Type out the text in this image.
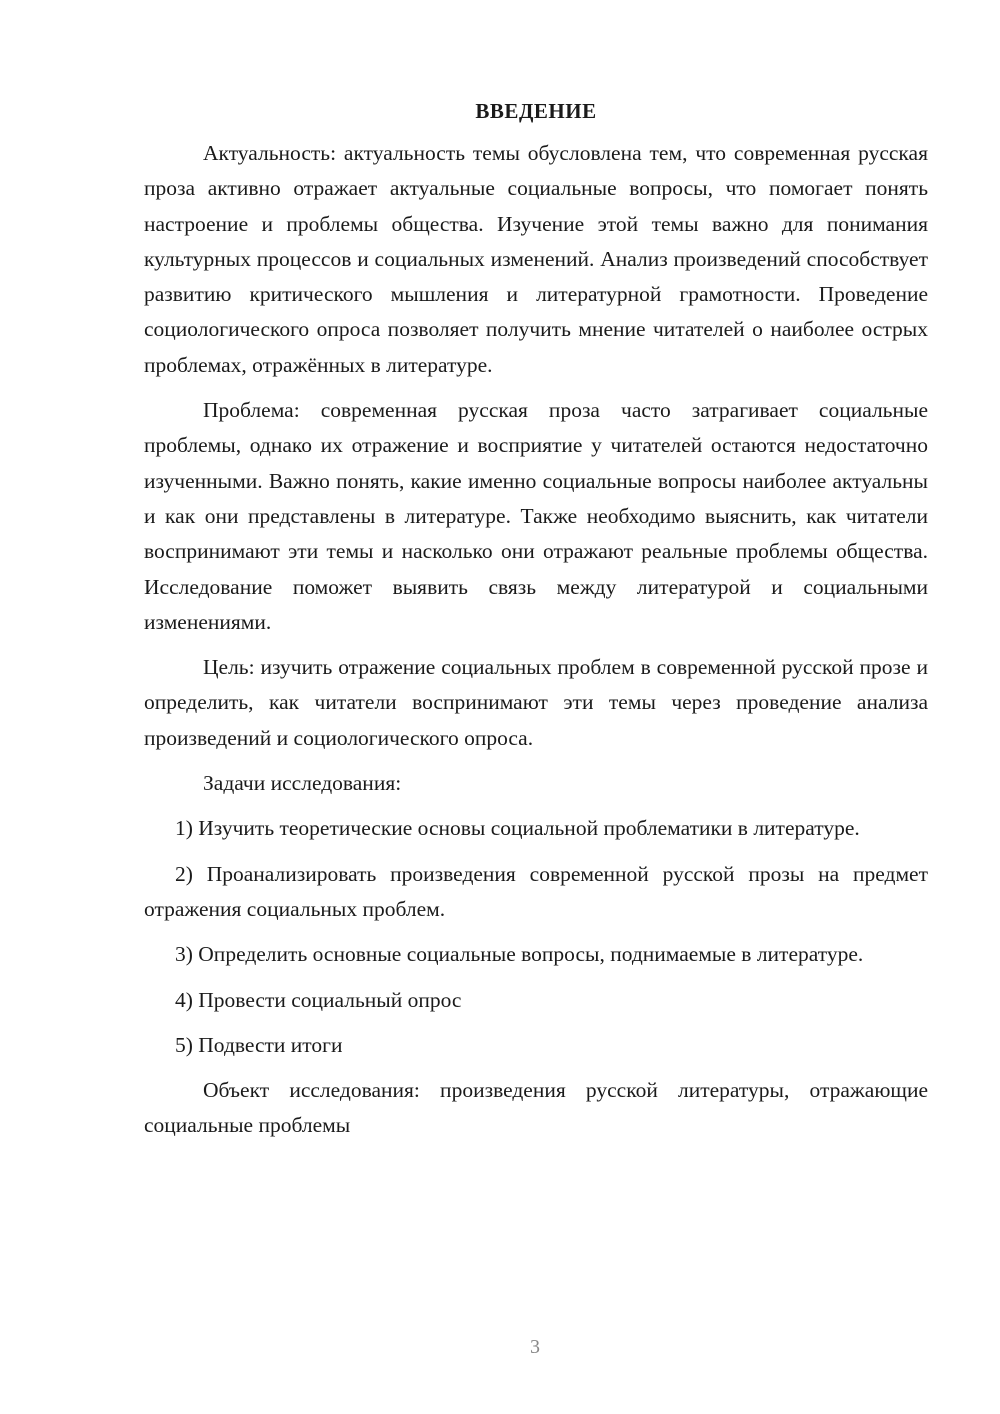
ВВЕДЕНИЕ

Актуальность: актуальность темы обусловлена тем, что современная русская проза активно отражает актуальные социальные вопросы, что помогает понять настроение и проблемы общества. Изучение этой темы важно для понимания культурных процессов и социальных изменений. Анализ произведений способствует развитию критического мышления и литературной грамотности. Проведение социологического опроса позволяет получить мнение читателей о наиболее острых проблемах, отражённых в литературе.

Проблема: современная русская проза часто затрагивает социальные проблемы, однако их отражение и восприятие у читателей остаются недостаточно изученными. Важно понять, какие именно социальные вопросы наиболее актуальны и как они представлены в литературе. Также необходимо выяснить, как читатели воспринимают эти темы и насколько они отражают реальные проблемы общества. Исследование поможет выявить связь между литературой и социальными изменениями.

Цель: изучить отражение социальных проблем в современной русской прозе и определить, как читатели воспринимают эти темы через проведение анализа произведений и социологического опроса.

Задачи исследования:

1) Изучить теоретические основы социальной проблематики в литературе.

2) Проанализировать произведения современной русской прозы на предмет отражения социальных проблем.

3) Определить основные социальные вопросы, поднимаемые в литературе.

4) Провести социальный опрос

5) Подвести итоги

Объект исследования: произведения русской литературы, отражающие социальные проблемы

3
